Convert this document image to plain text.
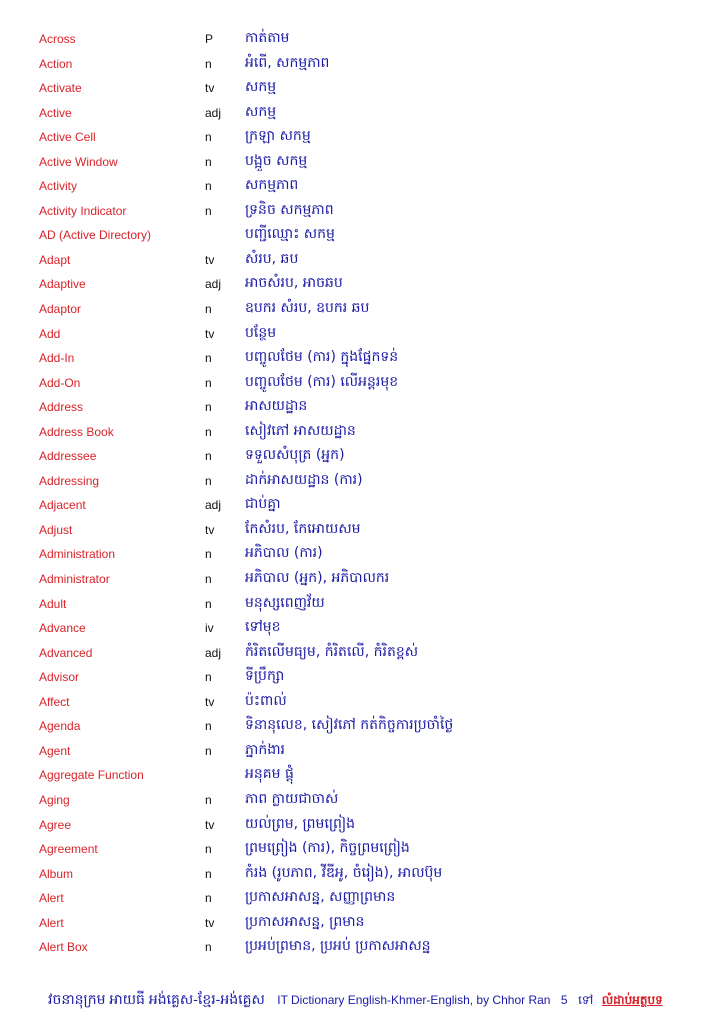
Across	P កាត់តាម
Action	n អំពើ, សកម្មភាព
Activate	tv សកម្ម
Active	adj សកម្ម
Active Cell	n ក្រឡា សកម្ម
Active Window	n បង្អួច សកម្ម
Activity	n សកម្មភាព
Activity Indicator	n ទ្រនិច សកម្មភាព
AD (Active Directory)	បញ្ជីឈ្មោះ សកម្ម
Adapt	tv សំរប, ឆប
Adaptive	adj អាចសំរប, អាចឆប
Adaptor	n ឧបករ សំរប, ឧបករ ឆប
Add	tv បន្ថែម
Add-In	n បញ្ចូលថែម (ការ) ក្នុងផ្នែកទន់
Add-On	n បញ្ចូលថែម (ការ) លើអន្តរមុខ
Address	n អាសយដ្ឋាន
Address Book	n សៀវភៅ អាសយដ្ឋាន
Addressee	n ទទួលសំបុត្រ (អ្នក)
Addressing	n ដាក់អាសយដ្ឋាន (ការ)
Adjacent	adj ជាប់គ្នា
Adjust	tv កែសំរប, កែអោយសម
Administration	n អភិបាល (ការ)
Administrator	n អភិបាល (អ្នក), អភិបាលករ
Adult	n មនុស្សពេញវ័យ
Advance	iv ទៅមុខ
Advanced	adj កំរិតលើមធ្យម, កំរិតលើ, កំរិតខ្ពស់
Advisor	n ទីប្រឹក្សា
Affect	tv ប៉ះពាល់
Agenda	n ទិនានុលេខ, សៀវភៅ កត់កិច្ចការប្រចាំថ្ងៃ
Agent	n ភ្នាក់ងារ
Aggregate Function	អនុគម ផ្តុំ
Aging	n ភាព ក្លាយជាចាស់
Agree	tv យល់ព្រម, ព្រមព្រៀង
Agreement	n ព្រមព្រៀង (ការ), កិច្ចព្រមព្រៀង
Album	n កំរង (រូបភាព, វីឌីអូ, ចំរៀង), អាលប៊ុម
Alert	n ប្រកាសអាសន្ន, សញ្ញាព្រមាន
Alert	tv ប្រកាសអាសន្ន, ព្រមាន
Alert Box	n ប្រអប់ព្រមាន, ប្រអប់ ប្រកាសអាសន្ន
វចនានុក្រម អាយធី អង់គ្លេស-ខ្មែរ-អង់គ្លេស IT Dictionary English-Khmer-English, by Chhor Ran 5 ទៅ លំដាប់អត្ថបទ
